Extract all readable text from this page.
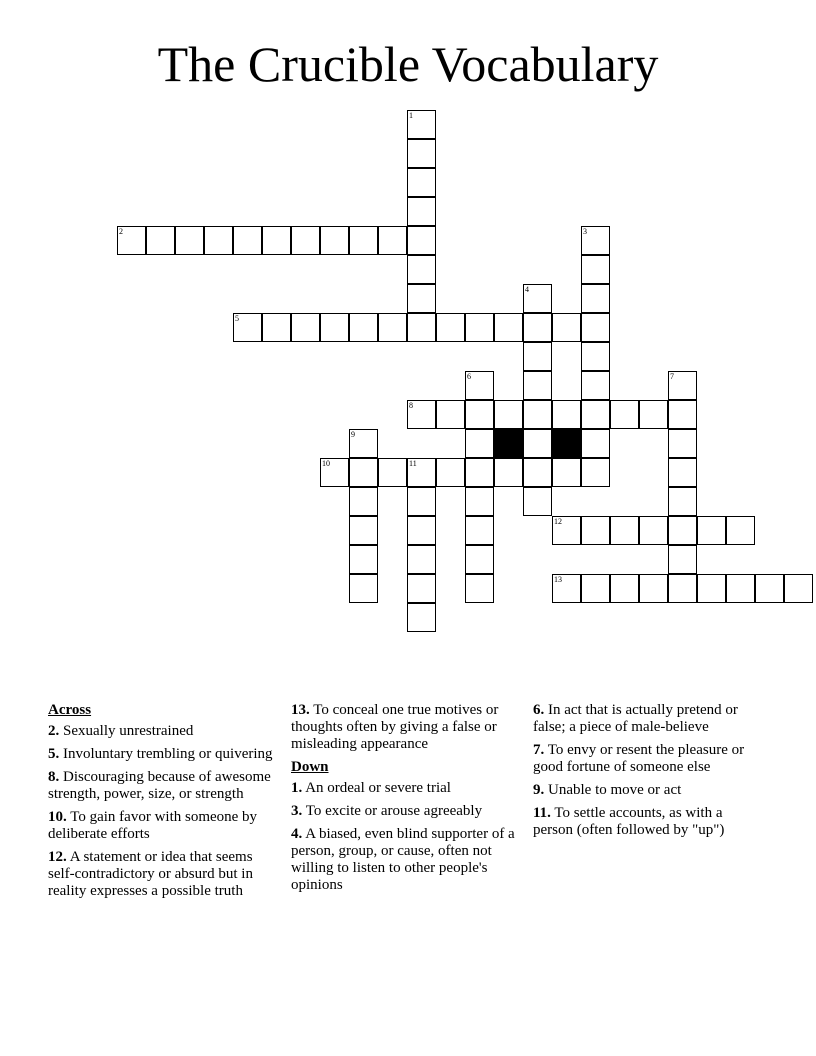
The Crucible Vocabulary
1
2	3
4
5
6	7
8
9
10	11
12
13
Across
2. Sexually unrestrained
5. Involuntary trembling or quivering
8. Discouraging because of awesome strength, power, size, or strength
10. To gain favor with someone by deliberate efforts
12. A statement or idea that seems self-contradictory or absurd but in reality expresses a possible truth
13. To conceal one true motives or thoughts often by giving a false or misleading appearance
Down
1. An ordeal or severe trial
3. To excite or arouse agreeably
4. A biased, even blind supporter of a person, group, or cause, often not willing to listen to other people's opinions
6. In act that is actually pretend or false; a piece of male-believe
7. To envy or resent the pleasure or good fortune of someone else
9. Unable to move or act
11. To settle accounts, as with a person (often followed by "up")
